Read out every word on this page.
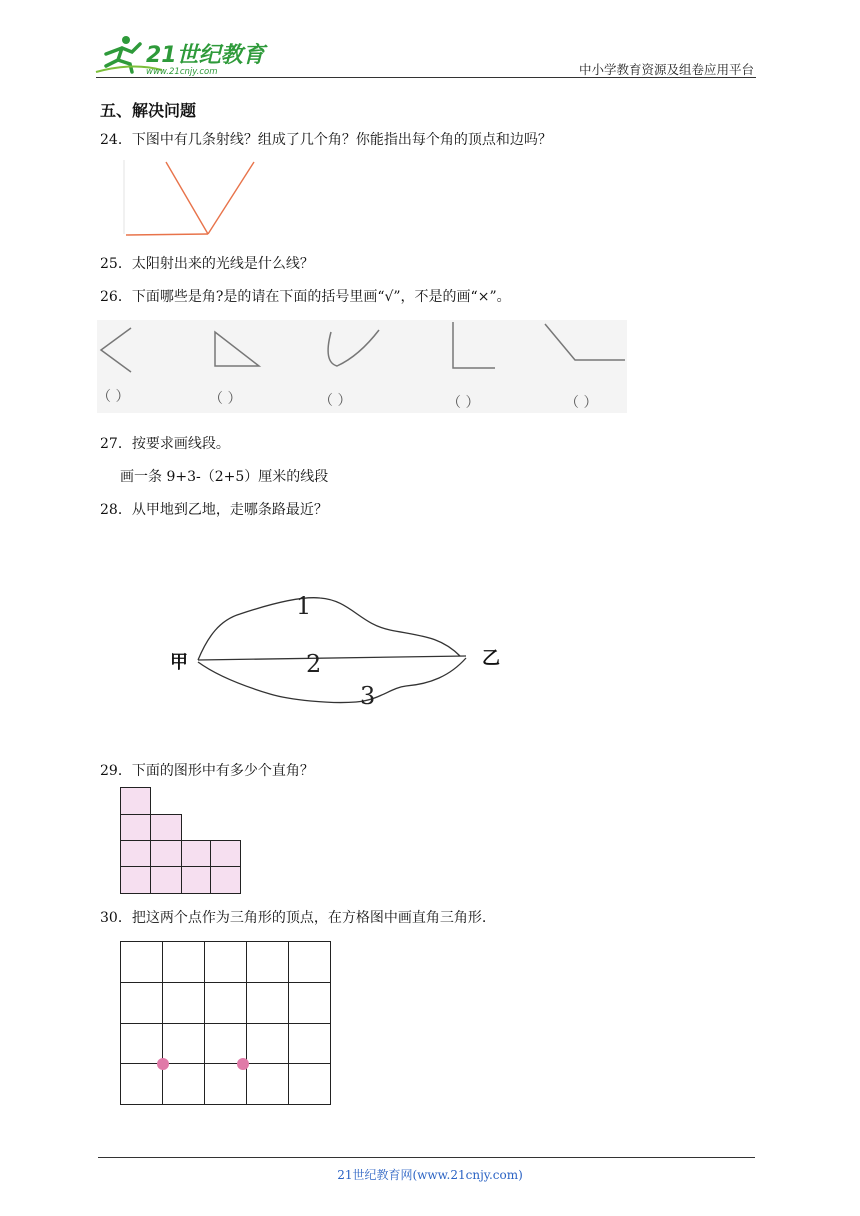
21世纪教育
www.21cnjy.com	中小学教育资源及组卷应用平台
五、解决问题
24．下图中有几条射线？组成了几个角？你能指出每个角的顶点和边吗？
25．太阳射出来的光线是什么线？
26．下面哪些是角?是的请在下面的括号里画“√”，不是的画“×”。
（ ）	（ ）	（ ）	（ ）	（ ）
27．按要求画线段。
画一条 9+3-（2+5）厘米的线段
28．从甲地到乙地，走哪条路最近？
甲	乙
1
2
3
29．下面的图形中有多少个直角？
30．把这两个点作为三角形的顶点，在方格图中画直角三角形.
21世纪教育网(www.21cnjy.com)
